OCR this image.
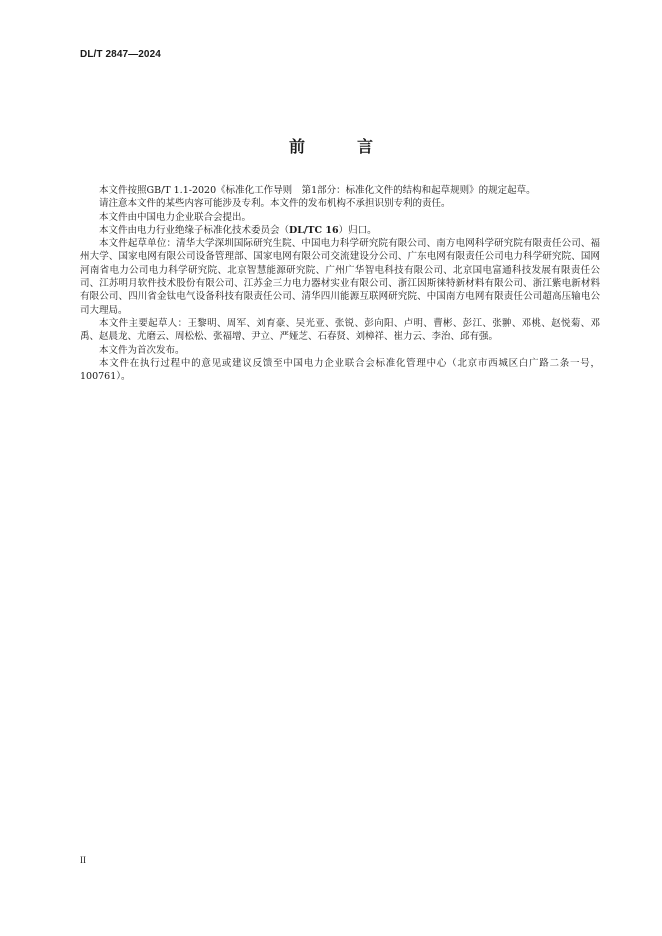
DL/T 2847—2024
前　言

本文件按照GB/T 1.1-2020《标准化工作导则　第1部分：标准化文件的结构和起草规则》的规定起草。

请注意本文件的某些内容可能涉及专利。本文件的发布机构不承担识别专利的责任。

本文件由中国电力企业联合会提出。

本文件由电力行业绝缘子标准化技术委员会（DL/TC 16）归口。

本文件起草单位：清华大学深圳国际研究生院、中国电力科学研究院有限公司、南方电网科学研究院有限责任公司、福州大学、国家电网有限公司设备管理部、国家电网有限公司交流建设分公司、广东电网有限责任公司电力科学研究院、国网河南省电力公司电力科学研究院、北京智慧能源研究院、广州广华智电科技有限公司、北京国电富通科技发展有限责任公司、江苏明月软件技术股份有限公司、江苏金三力电力器材实业有限公司、浙江因斯徕特新材料有限公司、浙江紫电新材料有限公司、四川省金钛电气设备科技有限责任公司、清华四川能源互联网研究院、中国南方电网有限责任公司超高压输电公司大理局。

本文件主要起草人：王黎明、周军、刘育豪、吴光亚、张锐、彭向阳、卢明、曹彬、彭江、张翀、邓桃、赵悦菊、邓禹、赵晨龙、尤磨云、周松松、张福增、尹立、严娅芝、石春贤、刘樟祥、崔力云、李治、邱有强。

本文件为首次发布。

本文件在执行过程中的意见或建议反馈至中国电力企业联合会标准化管理中心（北京市西城区白广路二条一号，100761）。

II
